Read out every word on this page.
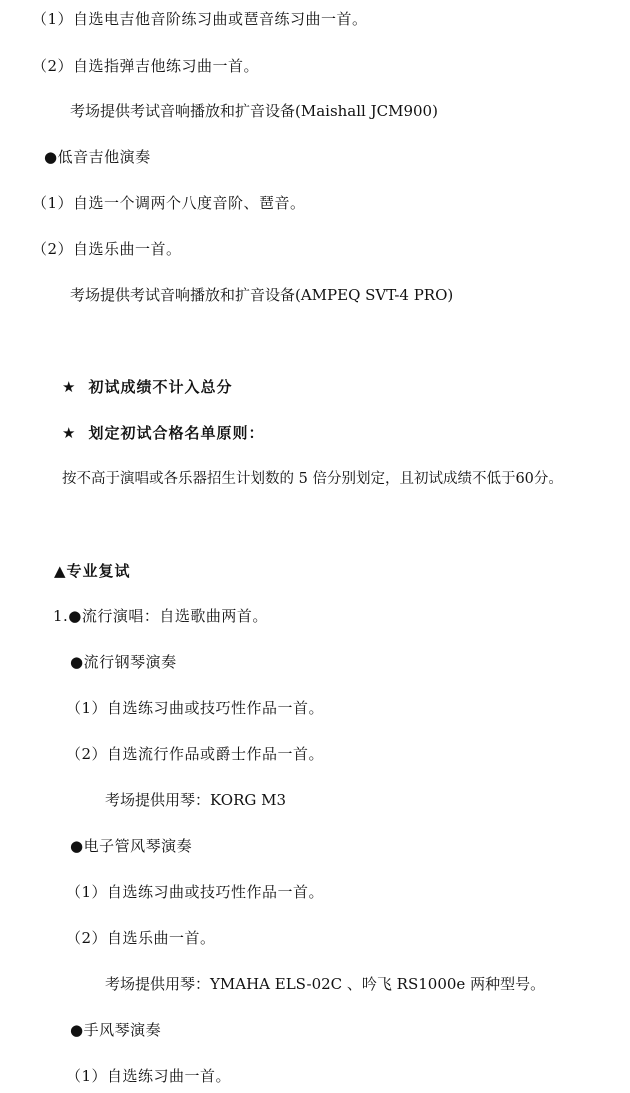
（1）自选电吉他音阶练习曲或琶音练习曲一首。
（2）自选指弹吉他练习曲一首。
考场提供考试音响播放和扩音设备(Maishall JCM900)
●低音吉他演奏
（1）自选一个调两个八度音阶、琶音。
（2）自选乐曲一首。
考场提供考试音响播放和扩音设备(AMPEQ SVT-4 PRO)
★ 初试成绩不计入总分
★ 划定初试合格名单原则：
按不高于演唱或各乐器招生计划数的 5 倍分别划定，且初试成绩不低于60分。
▲专业复试
1.●流行演唱：自选歌曲两首。
●流行钢琴演奏
（1）自选练习曲或技巧性作品一首。
（2）自选流行作品或爵士作品一首。
考场提供用琴：KORG M3
●电子管风琴演奏
（1）自选练习曲或技巧性作品一首。
（2）自选乐曲一首。
考场提供用琴：YMAHA ELS-02C 、吟飞 RS1000e 两种型号。
●手风琴演奏
（1）自选练习曲一首。
